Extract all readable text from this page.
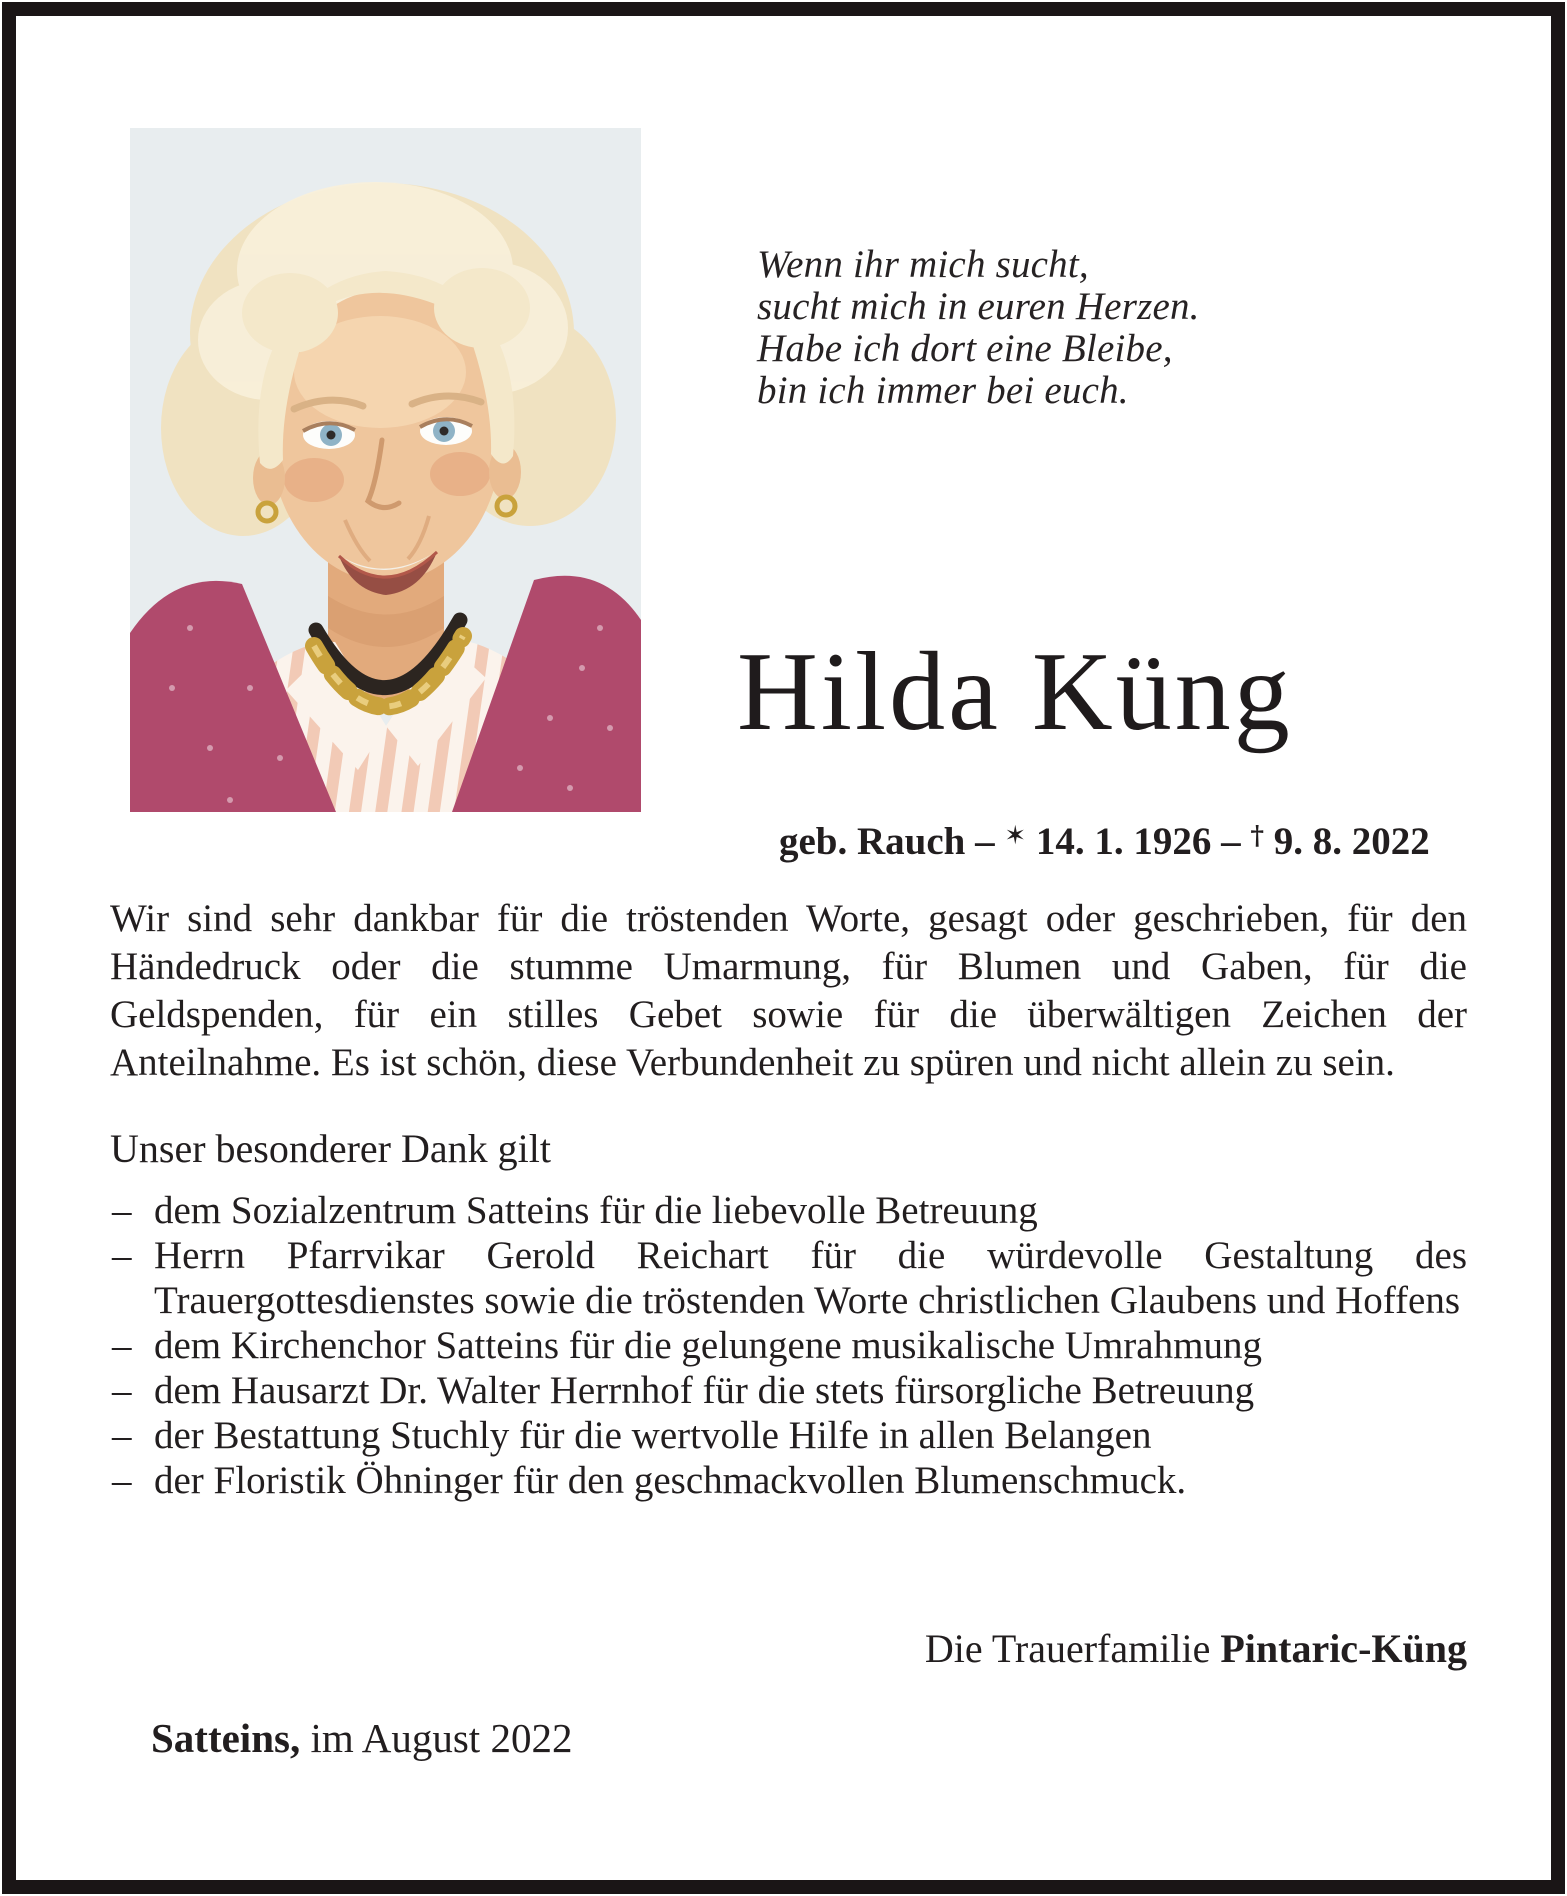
Wenn ihr mich sucht,
sucht mich in euren Herzen.
Habe ich dort eine Bleibe,
bin ich immer bei euch.
Hilda Küng

geb. Rauch – ✶ 14. 1. 1926 – † 9. 8. 2022

Wir sind sehr dankbar für die tröstenden Worte, gesagt oder geschrieben, für den Händedruck oder die stumme Umarmung, für Blumen und Gaben, für die Geldspenden, für ein stilles Gebet sowie für die überwältigen Zeichen der Anteilnahme. Es ist schön, diese Verbundenheit zu spüren und nicht allein zu sein.

Unser besonderer Dank gilt
– dem Sozialzentrum Satteins für die liebevolle Betreuung
– Herrn Pfarrvikar Gerold Reichart für die würdevolle Gestaltung des Trauergottesdienstes sowie die tröstenden Worte christlichen Glaubens und Hoffens
– dem Kirchenchor Satteins für die gelungene musikalische Umrahmung
– dem Hausarzt Dr. Walter Herrnhof für die stets fürsorgliche Betreuung
– der Bestattung Stuchly für die wertvolle Hilfe in allen Belangen
– der Floristik Öhninger für den geschmackvollen Blumenschmuck.

Die Trauerfamilie Pintaric-Küng

Satteins, im August 2022
